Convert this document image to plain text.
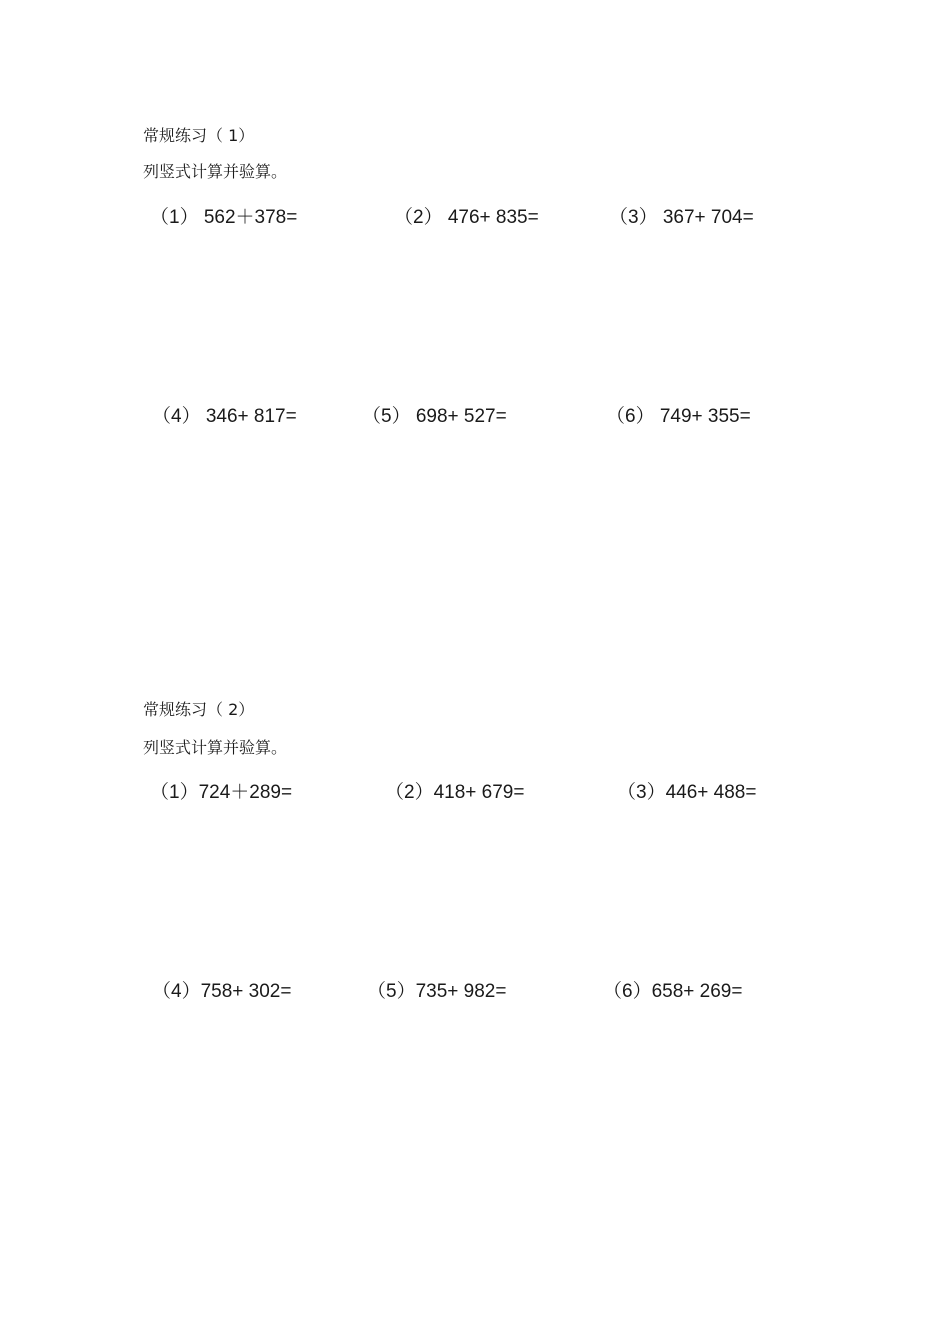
常规练习（ 1）
列竖式计算并验算。
（1） 562＋378=	（2） 476+ 835=	（3） 367+ 704=
（4） 346+ 817=	（5） 698+ 527=	（6） 749+ 355=
常规练习（ 2）
列竖式计算并验算。
（1）724＋289=	（2）418+ 679=	（3）446+ 488=
（4）758+ 302=	（5）735+ 982=	（6）658+ 269=
